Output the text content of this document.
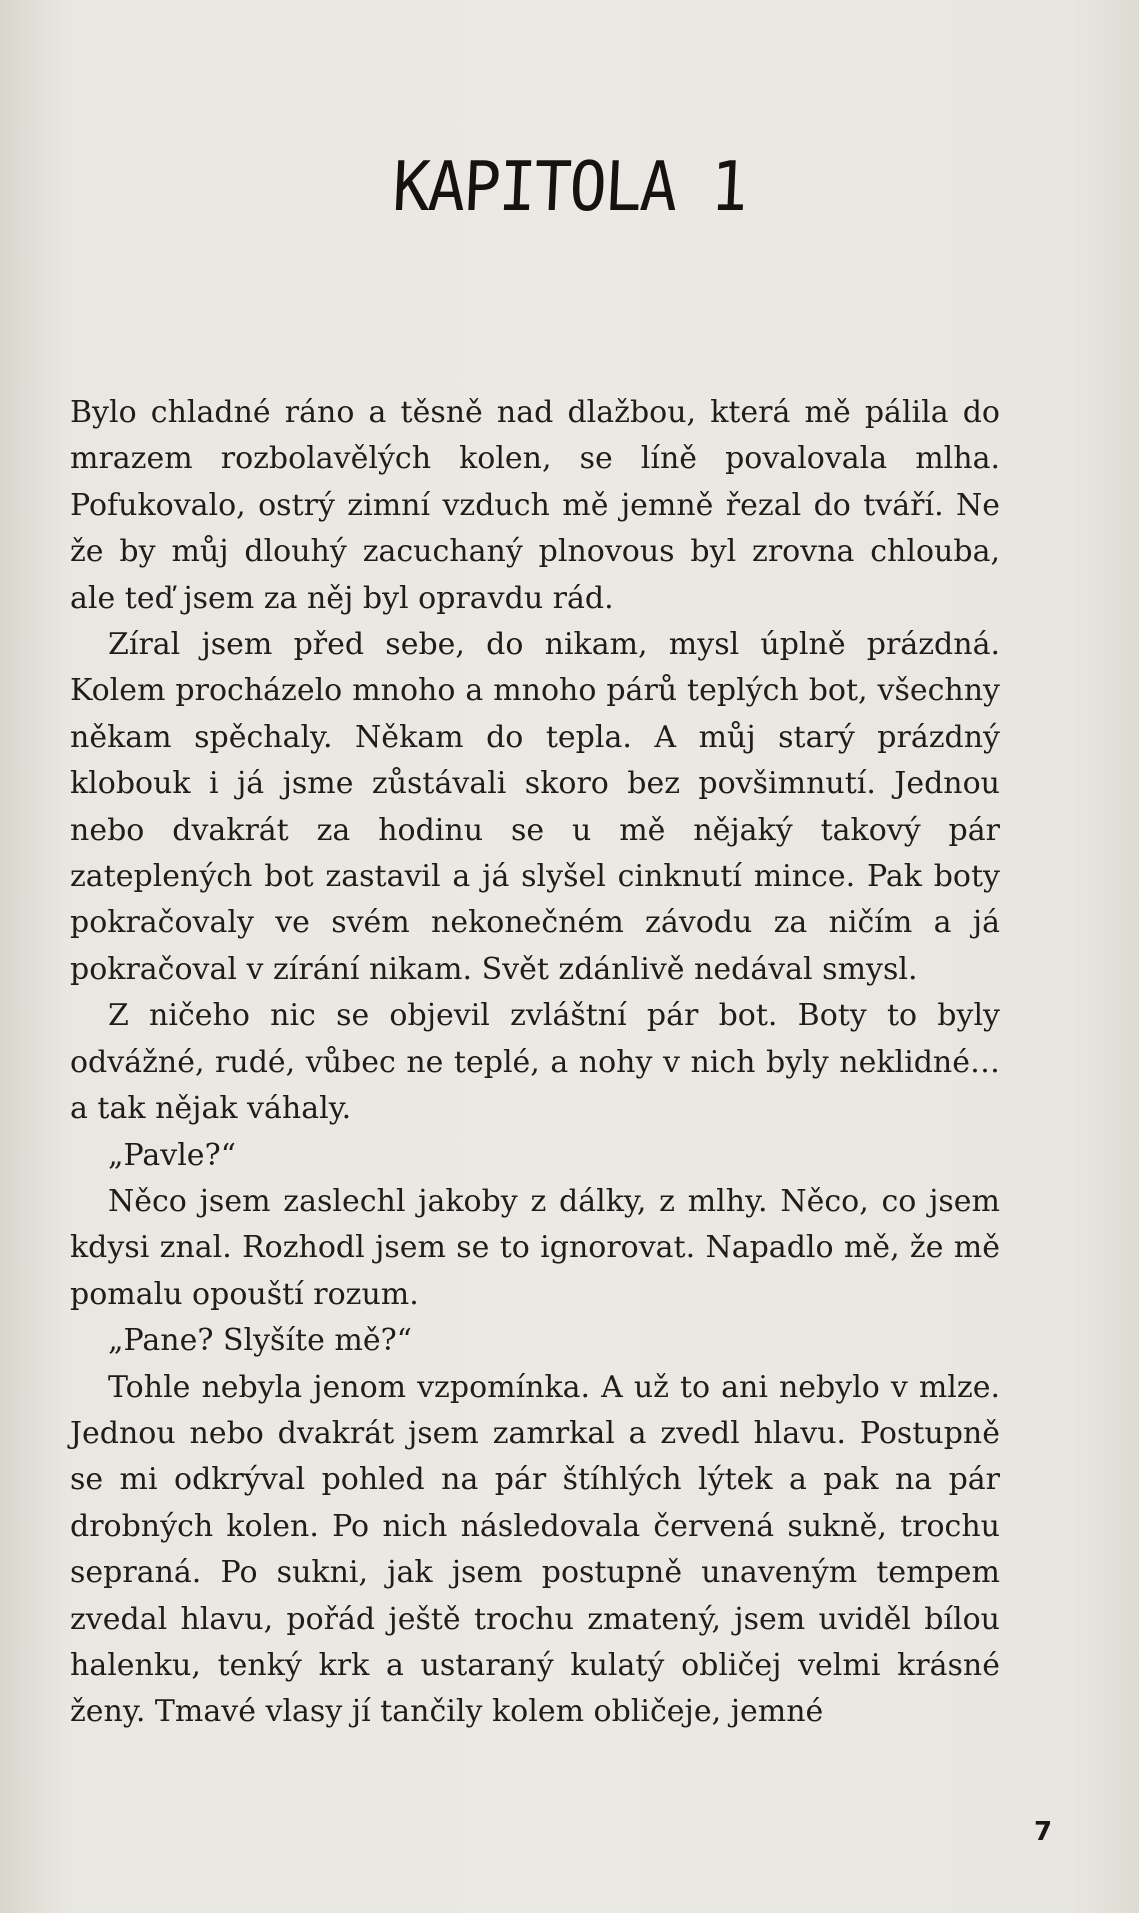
KAPITOLA 1

Bylo chladné ráno a těsně nad dlažbou, která mě pálila do mrazem rozbolavělých kolen, se líně povalovala mlha. Pofukovalo, ostrý zimní vzduch mě jemně řezal do tváří. Ne že by můj dlouhý zacuchaný plnovous byl zrovna chlouba, ale teď jsem za něj byl opravdu rád.

Zíral jsem před sebe, do nikam, mysl úplně prázdná. Kolem procházelo mnoho a mnoho párů teplých bot, všechny někam spěchaly. Někam do tepla. A můj starý prázdný klobouk i já jsme zůstávali skoro bez povšimnutí. Jednou nebo dvakrát za hodinu se u mě nějaký takový pár zateplených bot zastavil a já slyšel cinknutí mince. Pak boty pokračovaly ve svém nekonečném závodu za ničím a já pokračoval v zírání nikam. Svět zdánlivě nedával smysl.

Z ničeho nic se objevil zvláštní pár bot. Boty to byly odvážné, rudé, vůbec ne teplé, a nohy v nich byly neklidné… a tak nějak váhaly.

„Pavle?“

Něco jsem zaslechl jakoby z dálky, z mlhy. Něco, co jsem kdysi znal. Rozhodl jsem se to ignorovat. Napadlo mě, že mě pomalu opouští rozum.

„Pane? Slyšíte mě?“

Tohle nebyla jenom vzpomínka. A už to ani nebylo v mlze. Jednou nebo dvakrát jsem zamrkal a zvedl hlavu. Postupně se mi odkrýval pohled na pár štíhlých lýtek a pak na pár drobných kolen. Po nich následovala červená sukně, trochu sepraná. Po sukni, jak jsem postupně unaveným tempem zvedal hlavu, pořád ještě trochu zmatený, jsem uviděl bílou halenku, tenký krk a ustaraný kulatý obličej velmi krásné ženy. Tmavé vlasy jí tančily kolem obličeje, jemné

7
